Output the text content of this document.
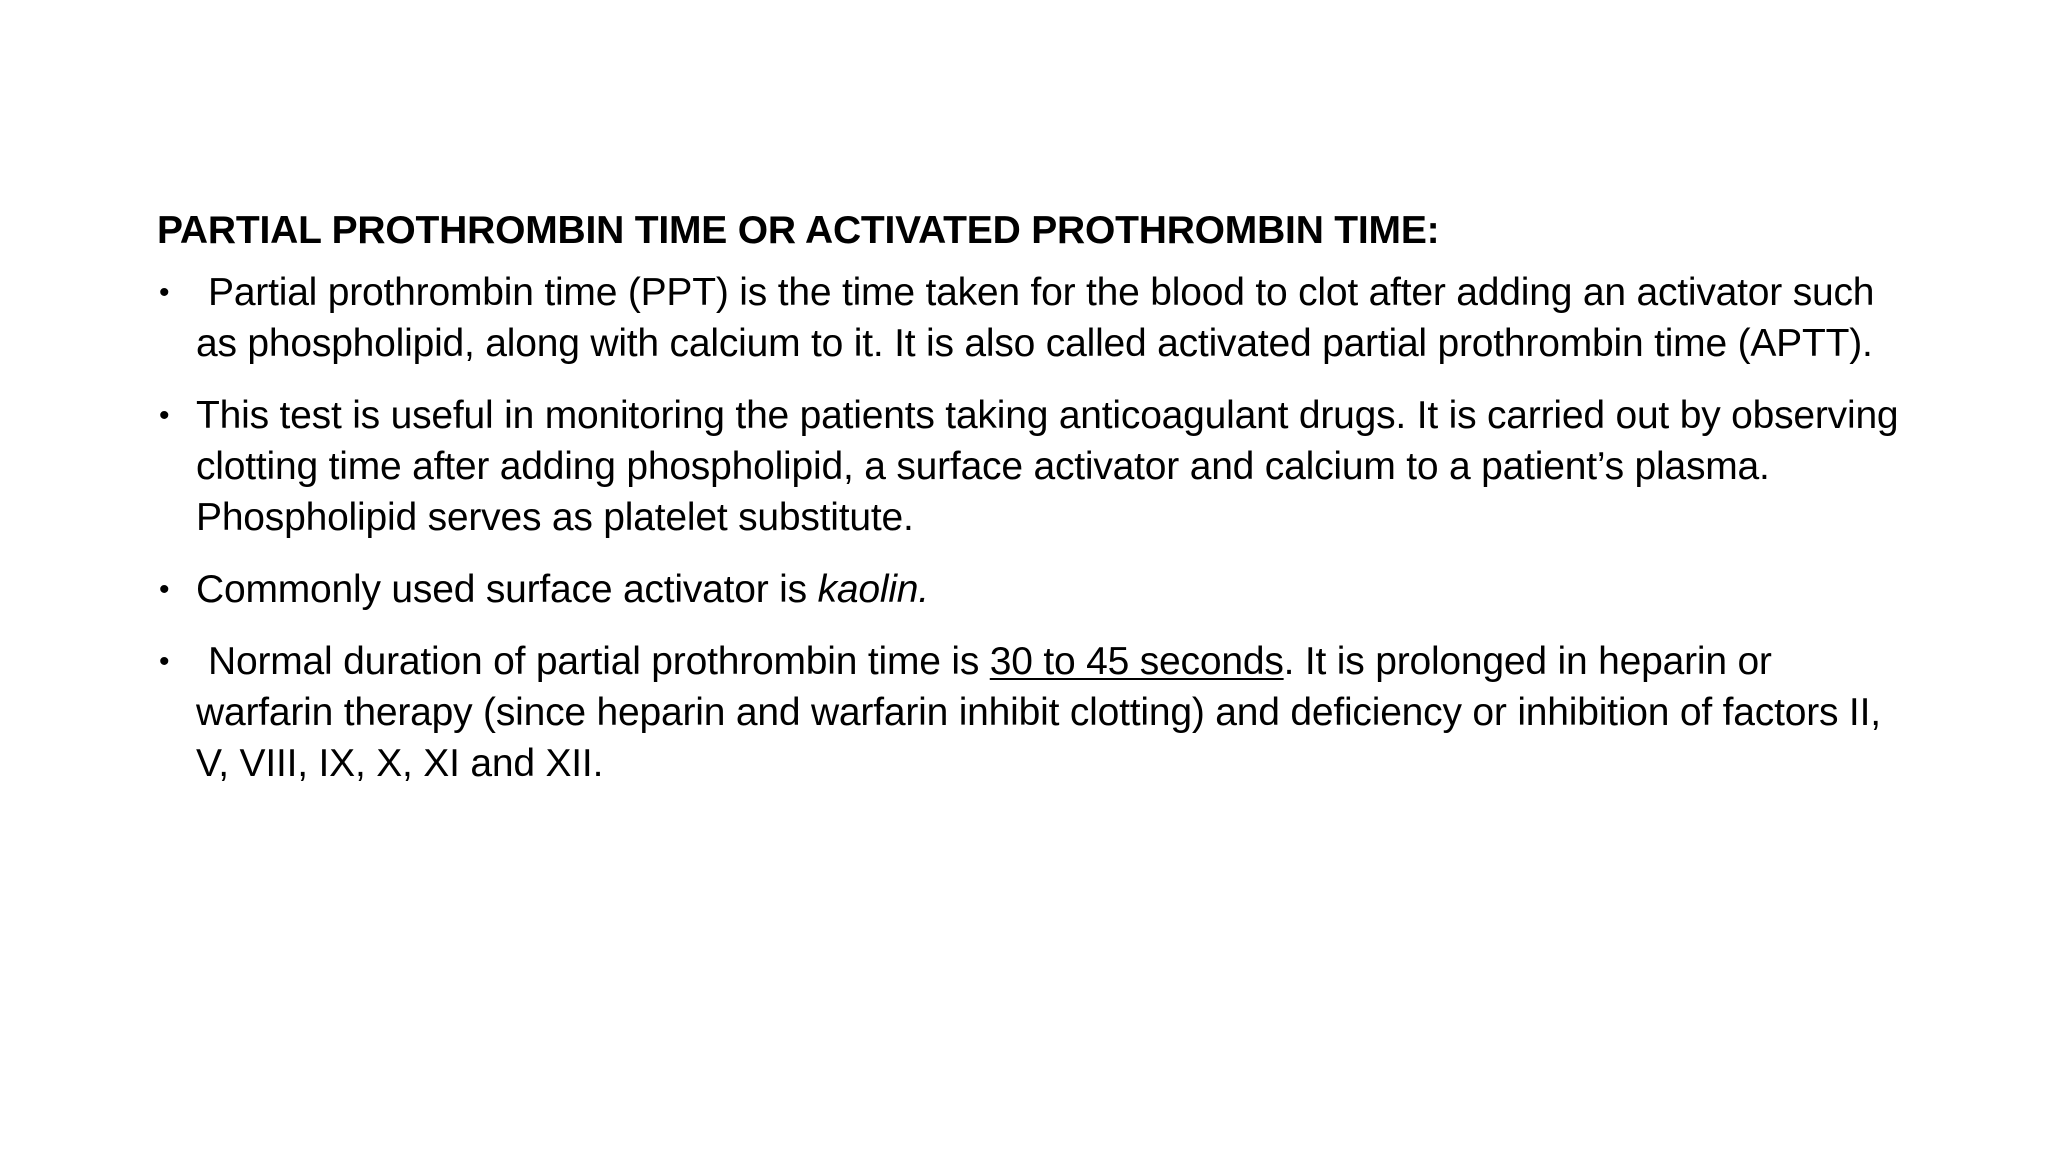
PARTIAL PROTHROMBIN TIME OR ACTIVATED PROTHROMBIN TIME:
• Partial prothrombin time (PPT) is the time taken for the blood to clot after adding an activator such as phospholipid, along with calcium to it. It is also called activated partial prothrombin time (APTT).
• This test is useful in monitoring the patients taking anticoagulant drugs. It is carried out by observing clotting time after adding phospholipid, a surface activator and calcium to a patient’s plasma. Phospholipid serves as platelet substitute.
• Commonly used surface activator is kaolin.
• Normal duration of partial prothrombin time is 30 to 45 seconds. It is prolonged in heparin or warfarin therapy (since heparin and warfarin inhibit clotting) and deficiency or inhibition of factors II, V, VIII, IX, X, XI and XII.
